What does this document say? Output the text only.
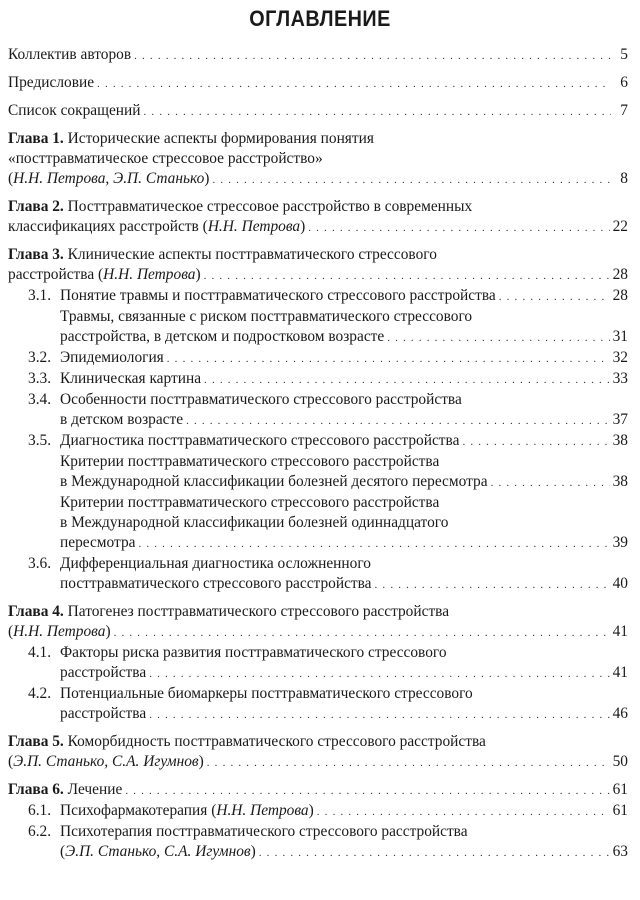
ОГЛАВЛЕНИЕ
Коллектив авторов . . .	5
Предисловие . . .	6
Список сокращений . . .	7
Глава 1. Исторические аспекты формирования понятия
«посттравматическое стрессовое расстройство»
(Н.Н. Петрова, Э.П. Станько) . . .	8
Глава 2. Посттравматическое стрессовое расстройство в современных
классификациях расстройств (Н.Н. Петрова) . . .	22
Глава 3. Клинические аспекты посттравматического стрессового
расстройства (Н.Н. Петрова) . . .	28
3.1. Понятие травмы и посттравматического стрессового расстройства . . .	28
Травмы, связанные с риском посттравматического стрессового
расстройства, в детском и подростковом возрасте . . .	31
3.2. Эпидемиология . . .	32
3.3. Клиническая картина . . .	33
3.4. Особенности посттравматического стрессового расстройства
в детском возрасте . . .	37
3.5. Диагностика посттравматического стрессового расстройства . . .	38
Критерии посттравматического стрессового расстройства
в Международной классификации болезней десятого пересмотра . . .	38
Критерии посттравматического стрессового расстройства
в Международной классификации болезней одиннадцатого
пересмотра . . .	39
3.6. Дифференциальная диагностика осложненного
посттравматического стрессового расстройства . . .	40
Глава 4. Патогенез посттравматического стрессового расстройства
(Н.Н. Петрова) . . .	41
4.1. Факторы риска развития посттравматического стрессового
расстройства . . .	41
4.2. Потенциальные биомаркеры посттравматического стрессового
расстройства . . .	46
Глава 5. Коморбидность посттравматического стрессового расстройства
(Э.П. Станько, С.А. Игумнов) . . .	50
Глава 6. Лечение . . .	61
6.1. Психофармакотерапия (Н.Н. Петрова) . . .	61
6.2. Психотерапия посттравматического стрессового расстройства
(Э.П. Станько, С.А. Игумнов) . . .	63
